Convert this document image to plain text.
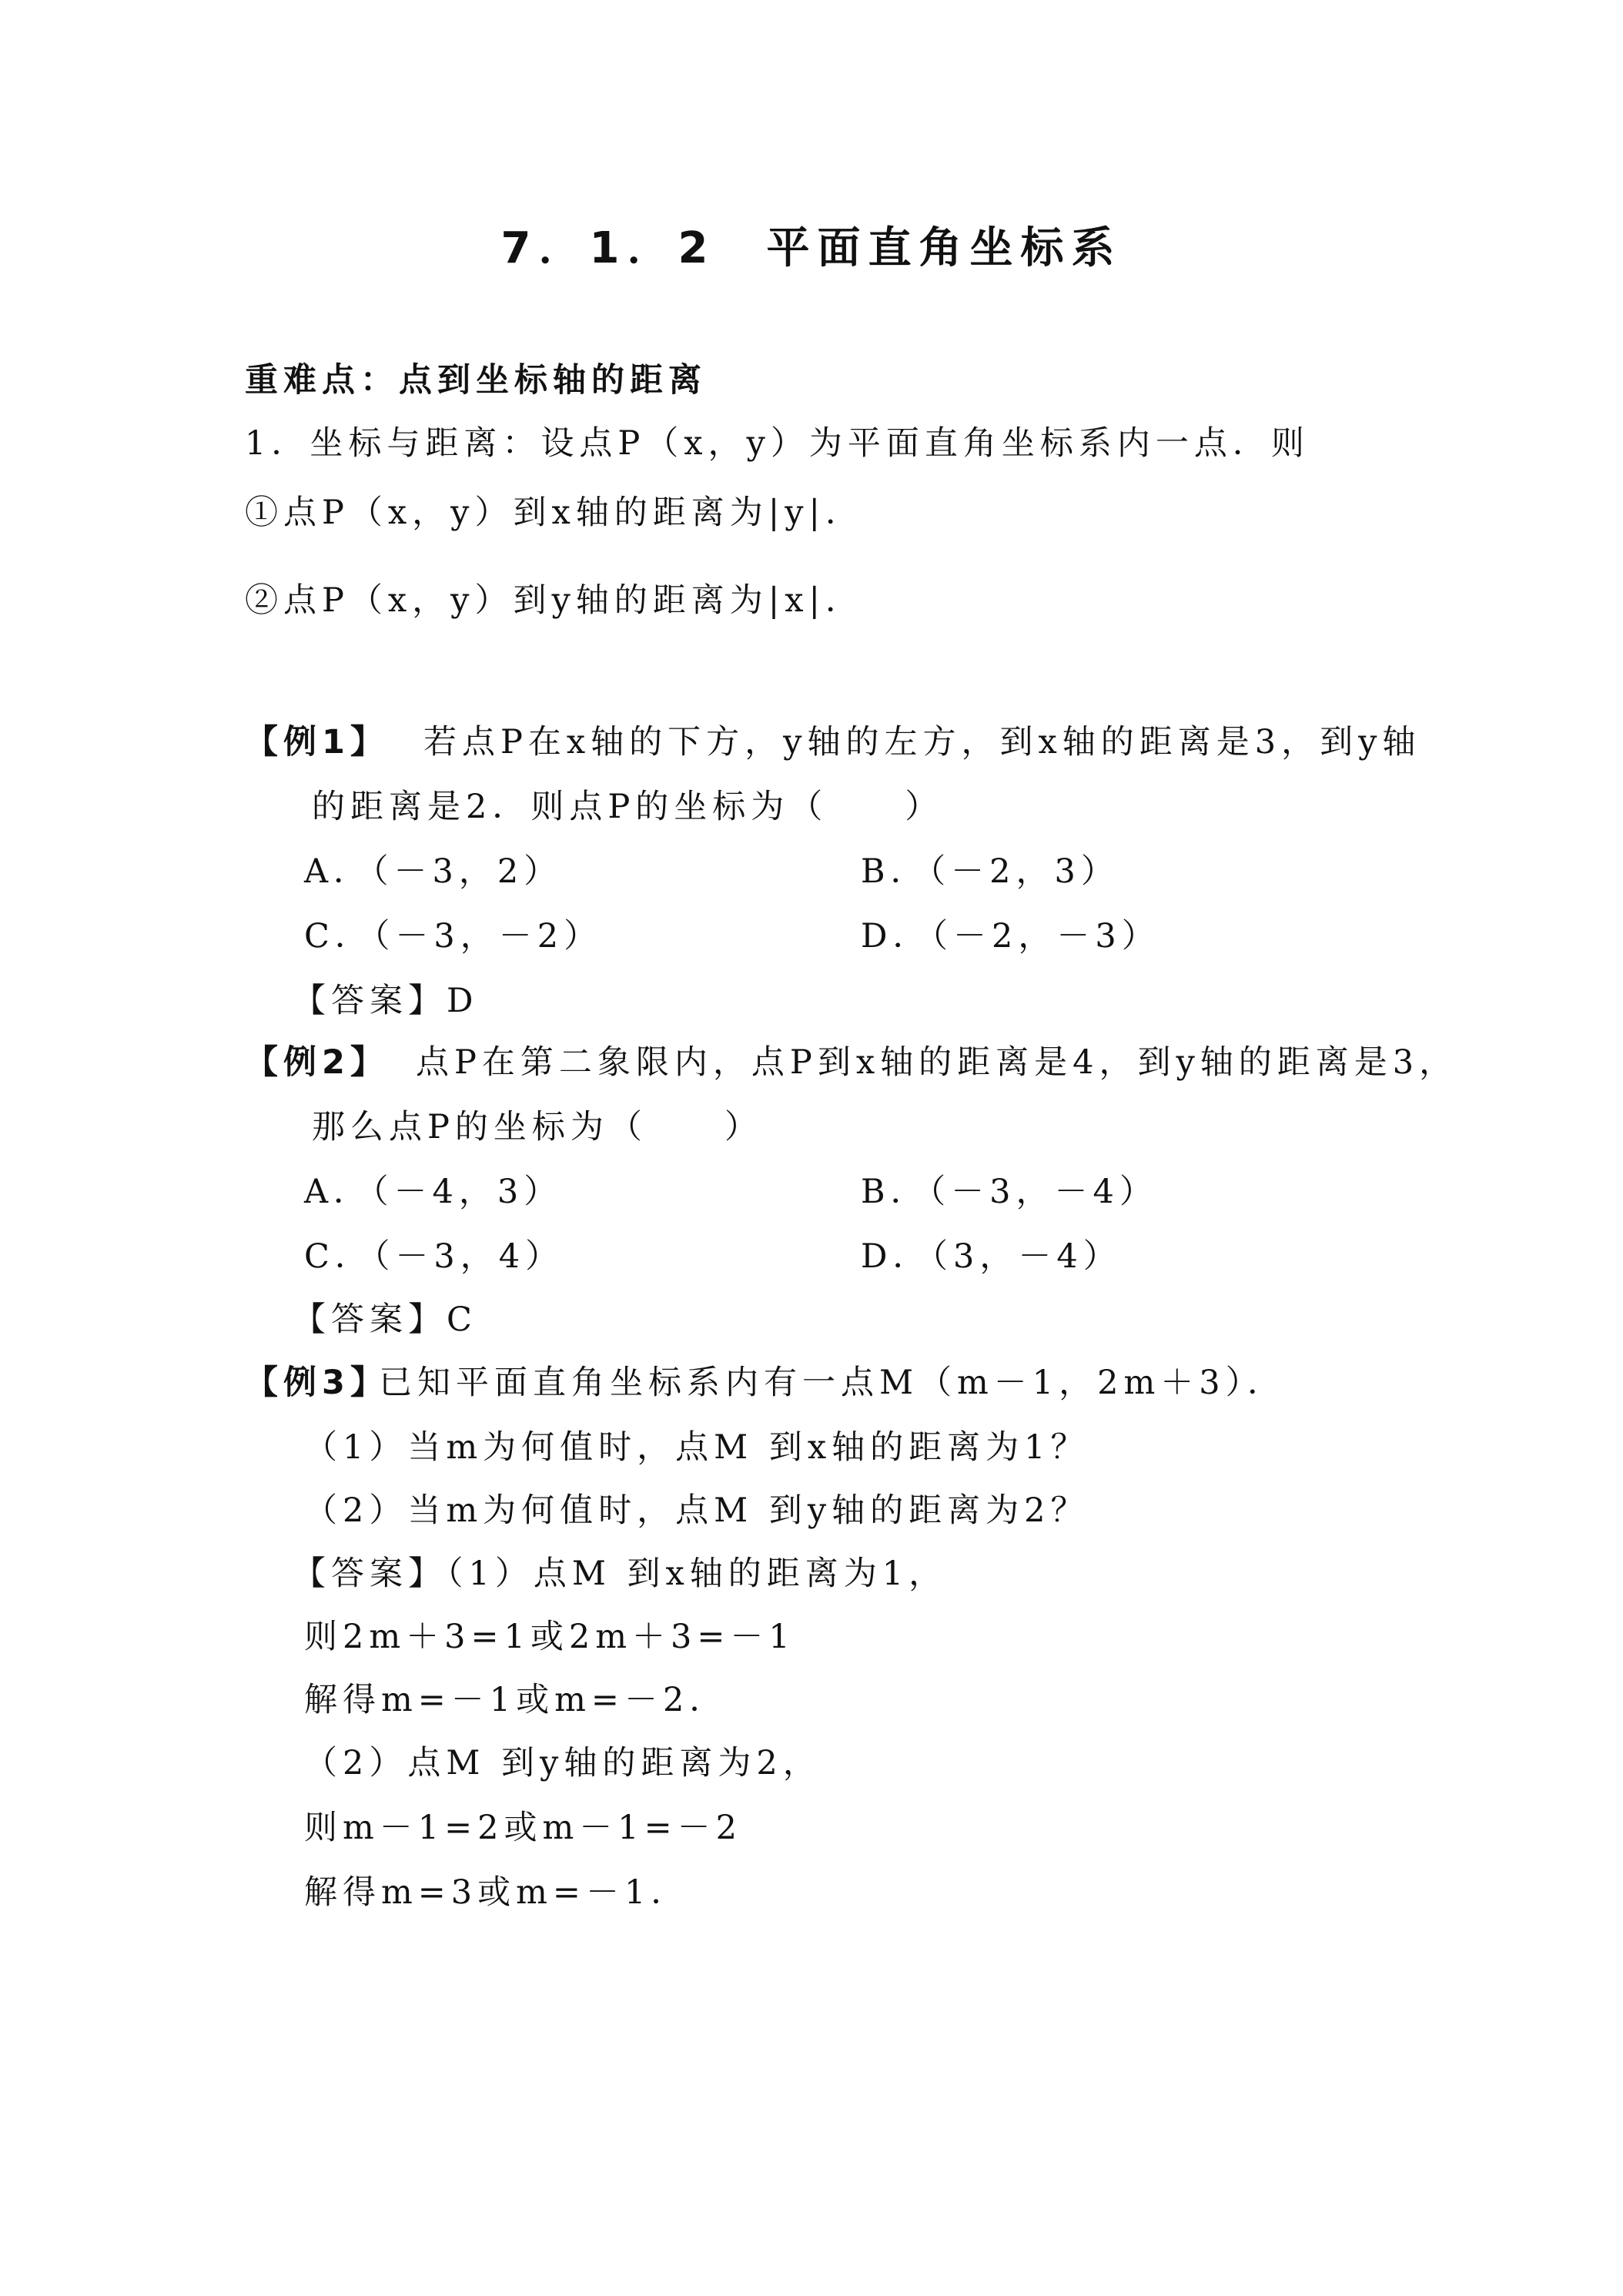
7．1．2　平面直角坐标系
重难点：点到坐标轴的距离
1．坐标与距离：设点P（x，y）为平面直角坐标系内一点．则
①点P（x，y）到x轴的距离为|y|．
②点P（x，y）到y轴的距离为|x|．
【例1】 若点P在x轴的下方，y轴的左方，到x轴的距离是3，到y轴
的距离是2．则点P的坐标为（　　）
A．（－3，2）	B．（－2，3）
C．（－3，－2）	D．（－2，－3）
【答案】D
【例2】 点P在第二象限内，点P到x轴的距离是4，到y轴的距离是3，
那么点P的坐标为（　　）
A．（－4，3）	B．（－3，－4）
C．（－3，4）	D．（3，－4）
【答案】C
【例3】
已知平面直角坐标系内有一点M（m－1，2m＋3）．
（1）当m为何值时，点M 到x轴的距离为1？
（2）当m为何值时，点M 到y轴的距离为2？
【答案】（1）点M 到x轴的距离为1，
则2m＋3=1或2m＋3=－1
解得m=－1或m=－2．
（2）点M 到y轴的距离为2，
则m－1=2或m－1=－2
解得m=3或m=－1．
